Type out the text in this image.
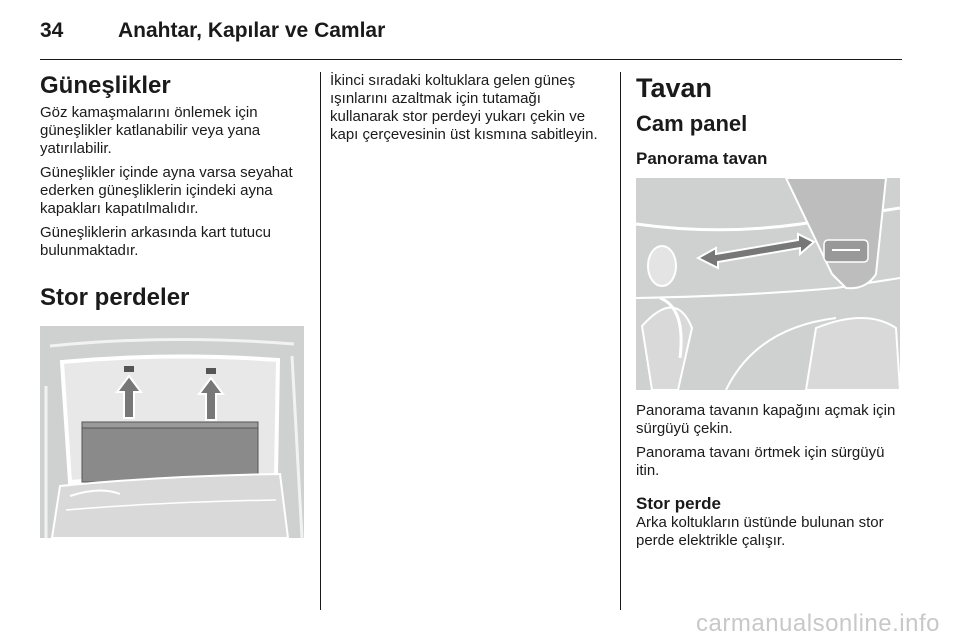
34	Anahtar, Kapılar ve Camlar
Güneşlikler

Göz kamaşmalarını önlemek için güneşlikler katlanabilir veya yana yatırılabilir.

Güneşlikler içinde ayna varsa seyahat ederken güneşliklerin içindeki ayna kapakları kapatılmalıdır.

Güneşliklerin arkasında kart tutucu bulunmaktadır.

Stor perdeler

İkinci sıradaki koltuklara gelen güneş ışınlarını azaltmak için tutamağı kullanarak stor perdeyi yukarı çekin ve kapı çerçevesinin üst kısmına sabitleyin.

Tavan
Cam panel
Panorama tavan

Panorama tavanın kapağını açmak için sürgüyü çekin.

Panorama tavanı örtmek için sürgüyü itin.

Stor perde

Arka koltukların üstünde bulunan stor perde elektrikle çalışır.

carmanualsonline.info
